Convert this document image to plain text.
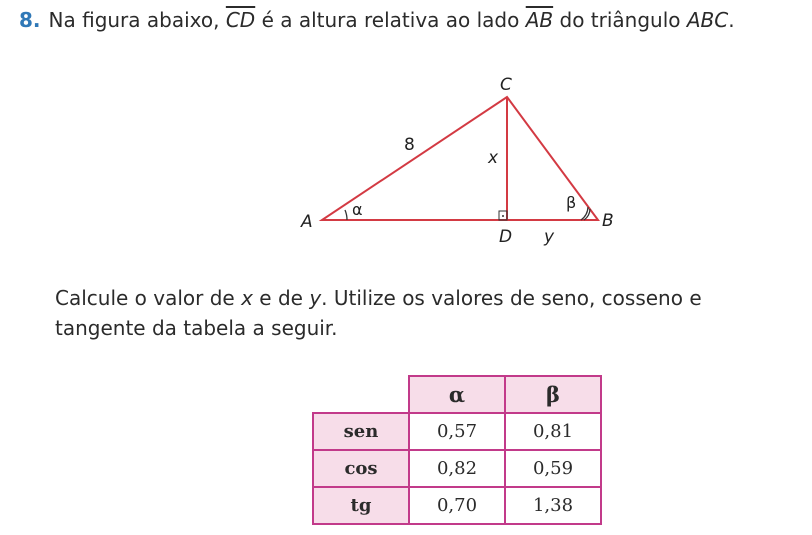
8. Na figura abaixo, $\overline{CD}$ é a altura relativa ao lado $\overline{AB}$ do triângulo ABC.
A	B
C
D
8
x
y
α	β
Calcule o valor de x e de y. Utilize os valores de seno, cosseno e tangente da tabela a seguir.
	α	β
sen	0,57	0,81
cos	0,82	0,59
tg	0,70	1,38
